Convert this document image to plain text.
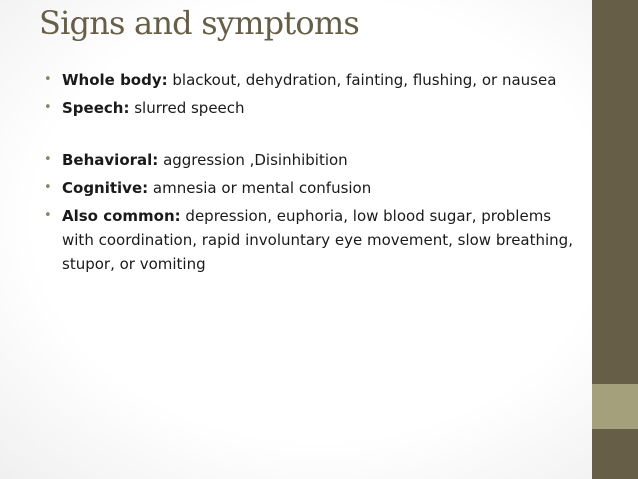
Signs and symptoms
• Whole body: blackout, dehydration, fainting, flushing, or nausea
• Speech: slurred speech
• Behavioral: aggression ,Disinhibition
• Cognitive: amnesia or mental confusion
• Also common: depression, euphoria, low blood sugar, problems with coordination, rapid involuntary eye movement, slow breathing, stupor, or vomiting
